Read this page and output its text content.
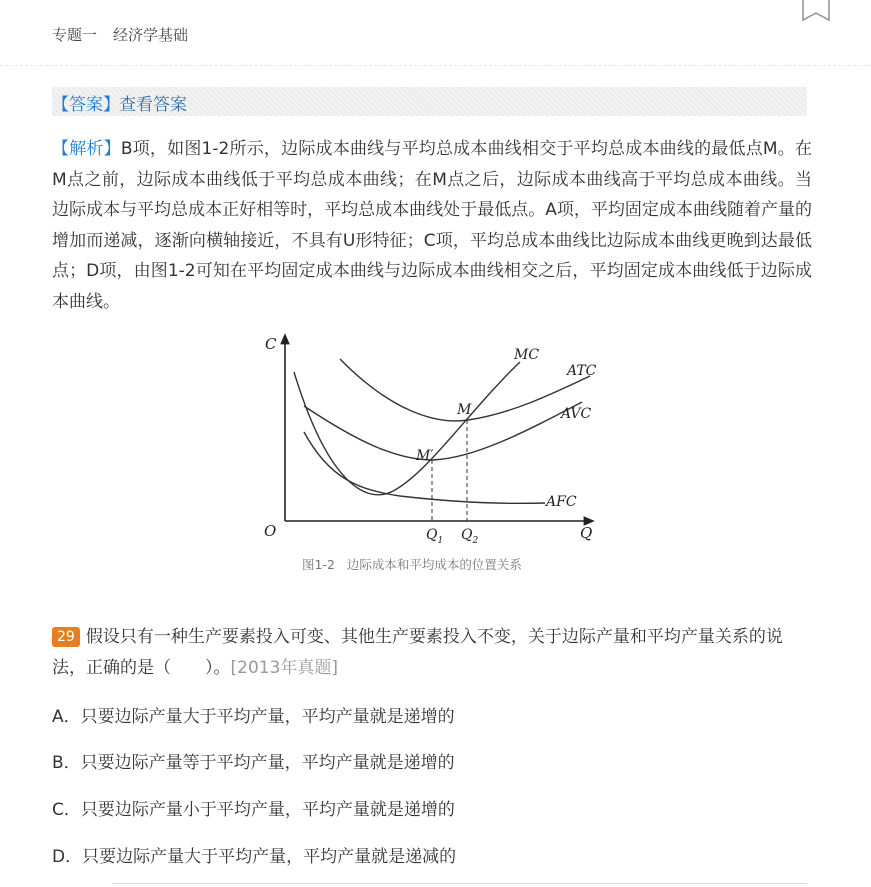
专题一 经济学基础
【答案】 查看答案
【解析】B项，如图1-2所示，边际成本曲线与平均总成本曲线相交于平均总成本曲线的最低点M。在M点之前，边际成本曲线低于平均总成本曲线；在M点之后，边际成本曲线高于平均总成本曲线。当边际成本与平均总成本正好相等时，平均总成本曲线处于最低点。A项，平均固定成本曲线随着产量的增加而递减，逐渐向横轴接近，不具有U形特征；C项，平均总成本曲线比边际成本曲线更晚到达最低点；D项，由图1-2可知在平均固定成本曲线与边际成本曲线相交之后，平均固定成本曲线低于边际成本曲线。
C
O	Q
MC
ATC
AVC
AFC
M
M′
$Q_1$ $Q_2$
图1-2 边际成本和平均成本的位置关系
29 假设只有一种生产要素投入可变、其他生产要素投入不变，关于边际产量和平均产量关系的说法，正确的是（　　）。[2013年真题]
A．只要边际产量大于平均产量，平均产量就是递增的
B．只要边际产量等于平均产量，平均产量就是递增的
C．只要边际产量小于平均产量，平均产量就是递增的
D．只要边际产量大于平均产量，平均产量就是递减的
